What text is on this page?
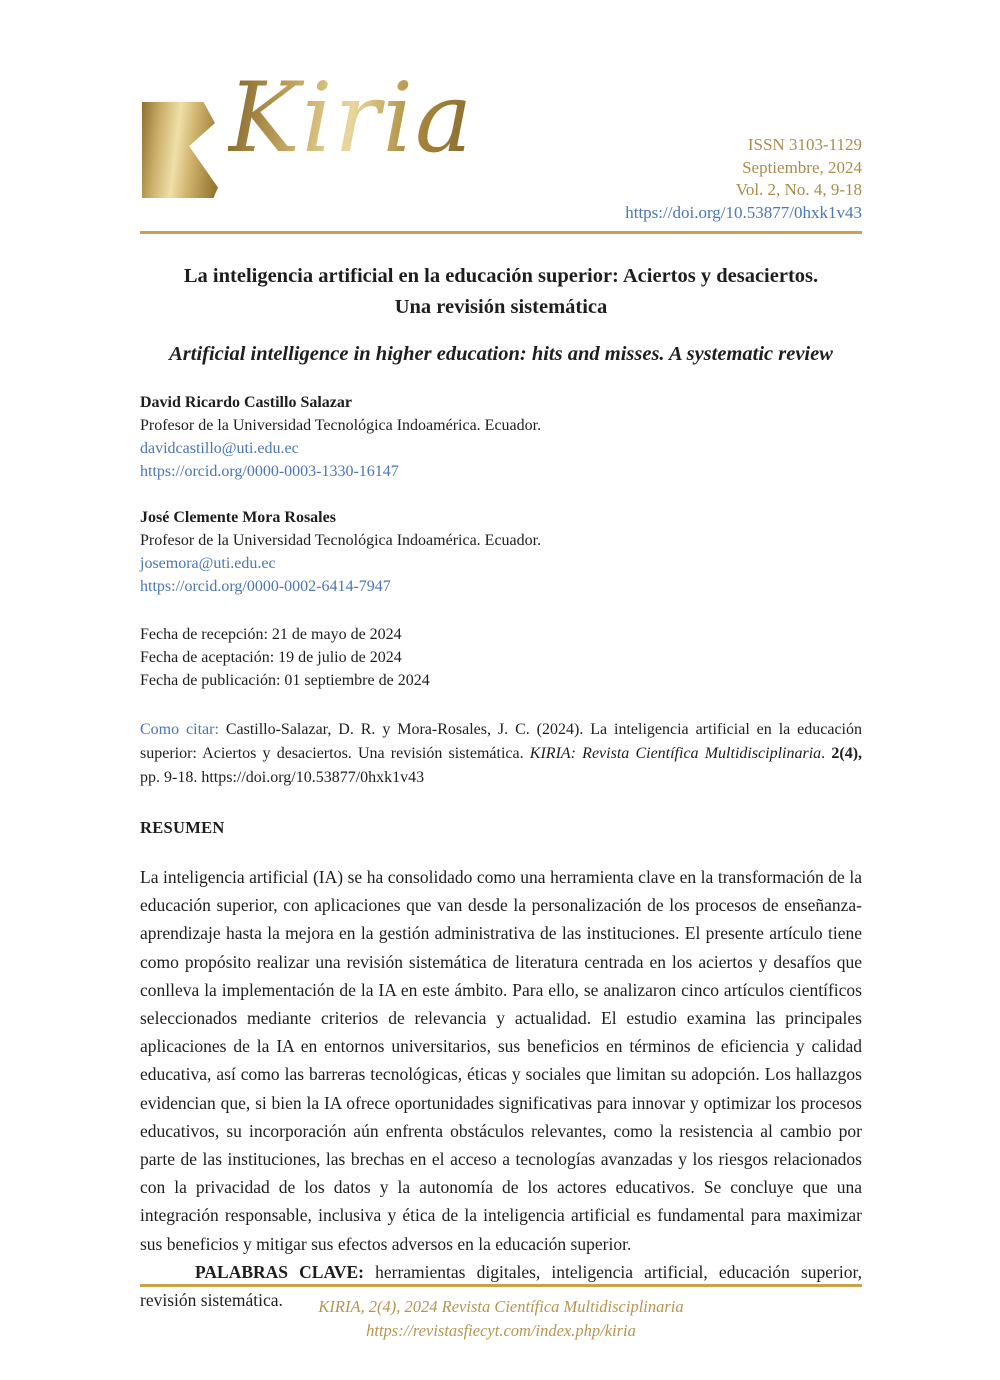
Kiria	ISSN 3103-1129
Septiembre, 2024
Vol. 2, No. 4, 9-18
https://doi.org/10.53877/0hxk1v43
La inteligencia artificial en la educación superior: Aciertos y desaciertos. Una revisión sistemática
Artificial intelligence in higher education: hits and misses. A systematic review
David Ricardo Castillo Salazar
Profesor de la Universidad Tecnológica Indoamérica. Ecuador.
davidcastillo@uti.edu.ec
https://orcid.org/0000-0003-1330-16147
José Clemente Mora Rosales
Profesor de la Universidad Tecnológica Indoamérica. Ecuador.
josemora@uti.edu.ec
https://orcid.org/0000-0002-6414-7947
Fecha de recepción: 21 de mayo de 2024
Fecha de aceptación: 19 de julio de 2024
Fecha de publicación: 01 septiembre de 2024

Como citar: Castillo-Salazar, D. R. y Mora-Rosales, J. C. (2024). La inteligencia artificial en la educación superior: Aciertos y desaciertos. Una revisión sistemática. KIRIA: Revista Científica Multidisciplinaria. 2(4), pp. 9-18. https://doi.org/10.53877/0hxk1v43

RESUMEN

La inteligencia artificial (IA) se ha consolidado como una herramienta clave en la transformación de la educación superior, con aplicaciones que van desde la personalización de los procesos de enseñanza-aprendizaje hasta la mejora en la gestión administrativa de las instituciones. El presente artículo tiene como propósito realizar una revisión sistemática de literatura centrada en los aciertos y desafíos que conlleva la implementación de la IA en este ámbito. Para ello, se analizaron cinco artículos científicos seleccionados mediante criterios de relevancia y actualidad. El estudio examina las principales aplicaciones de la IA en entornos universitarios, sus beneficios en términos de eficiencia y calidad educativa, así como las barreras tecnológicas, éticas y sociales que limitan su adopción. Los hallazgos evidencian que, si bien la IA ofrece oportunidades significativas para innovar y optimizar los procesos educativos, su incorporación aún enfrenta obstáculos relevantes, como la resistencia al cambio por parte de las instituciones, las brechas en el acceso a tecnologías avanzadas y los riesgos relacionados con la privacidad de los datos y la autonomía de los actores educativos. Se concluye que una integración responsable, inclusiva y ética de la inteligencia artificial es fundamental para maximizar sus beneficios y mitigar sus efectos adversos en la educación superior.

PALABRAS CLAVE: herramientas digitales, inteligencia artificial, educación superior, revisión sistemática.	KIRIA, 2(4), 2024 Revista Científica Multidisciplinaria
https://revistasfiecyt.com/index.php/kiria
